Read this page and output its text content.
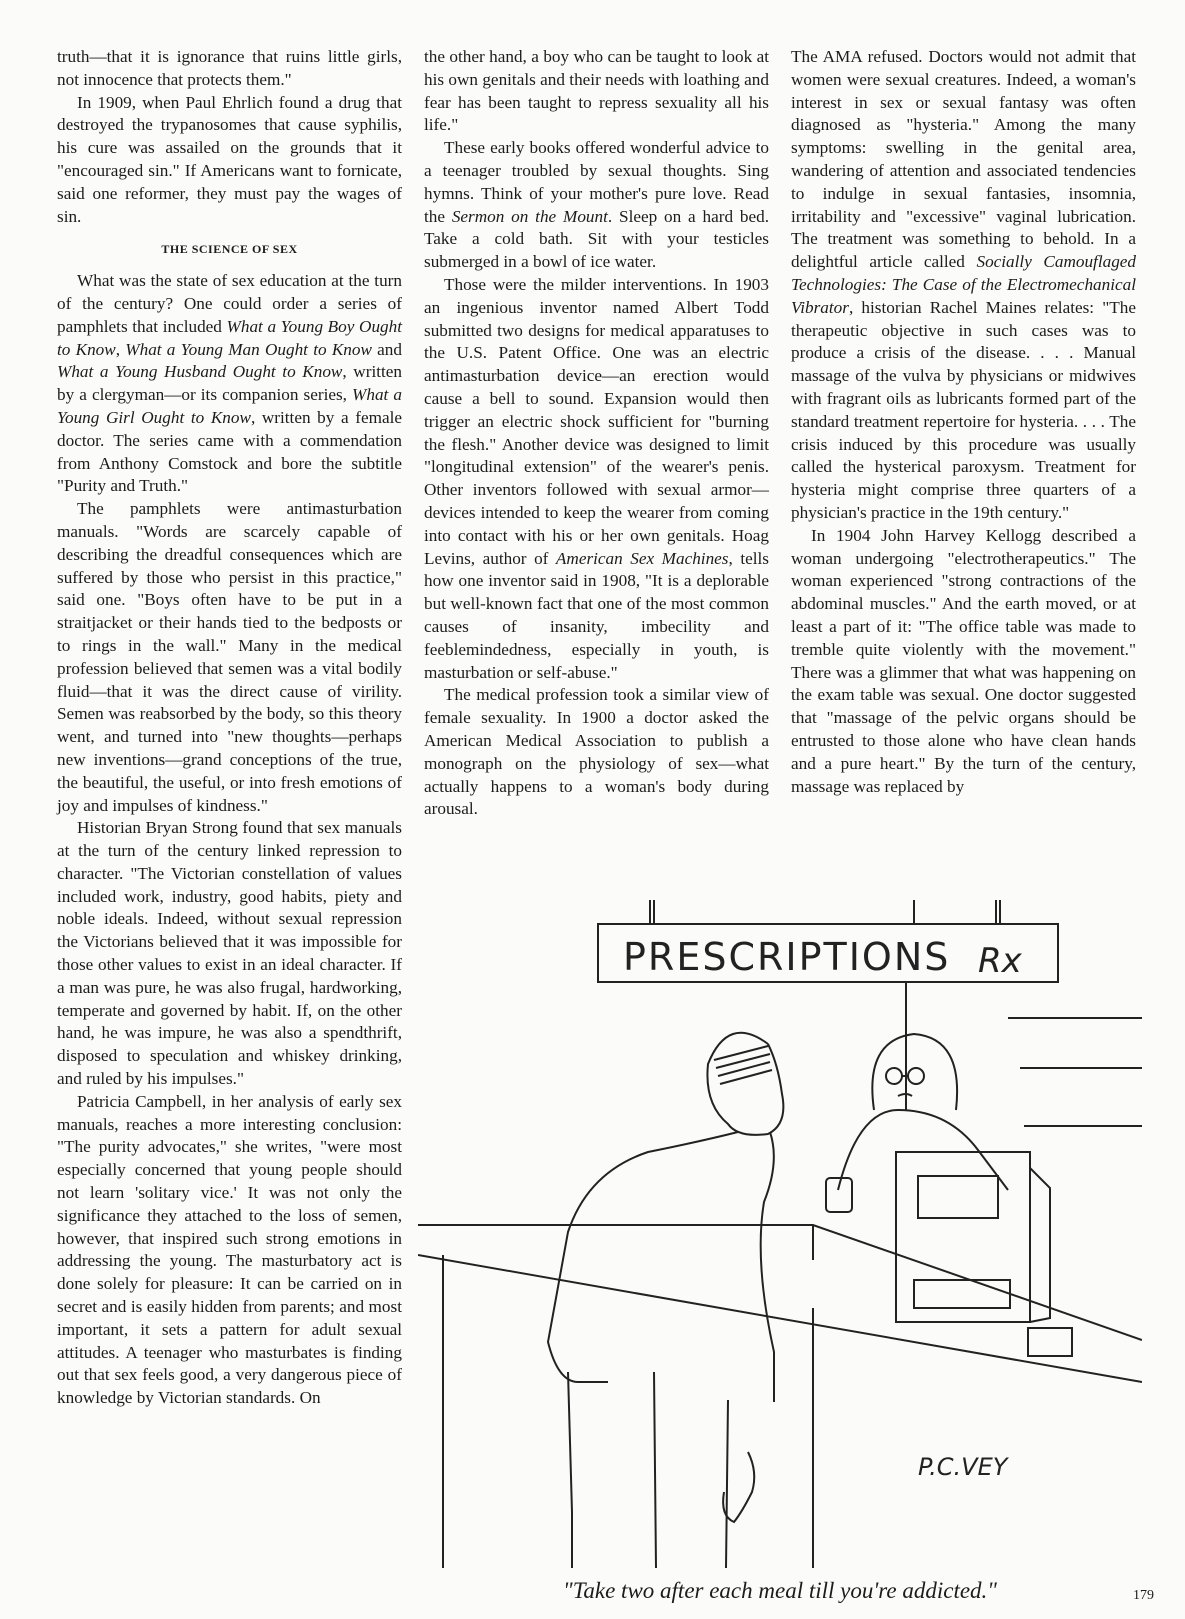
truth—that it is ignorance that ruins little girls, not innocence that protects them."

In 1909, when Paul Ehrlich found a drug that destroyed the trypanosomes that cause syphilis, his cure was assailed on the grounds that it "encouraged sin." If Americans want to fornicate, said one reformer, they must pay the wages of sin.

THE SCIENCE OF SEX

What was the state of sex education at the turn of the century? One could order a series of pamphlets that included What a Young Boy Ought to Know, What a Young Man Ought to Know and What a Young Husband Ought to Know, written by a clergyman—or its companion series, What a Young Girl Ought to Know, written by a female doctor. The series came with a commendation from Anthony Comstock and bore the subtitle "Purity and Truth."

The pamphlets were antimasturbation manuals. "Words are scarcely capable of describing the dreadful consequences which are suffered by those who persist in this practice," said one. "Boys often have to be put in a straitjacket or their hands tied to the bedposts or to rings in the wall." Many in the medical profession believed that semen was a vital bodily fluid—that it was the direct cause of virility. Semen was reabsorbed by the body, so this theory went, and turned into "new thoughts—perhaps new inventions—grand conceptions of the true, the beautiful, the useful, or into fresh emotions of joy and impulses of kindness."

Historian Bryan Strong found that sex manuals at the turn of the century linked repression to character. "The Victorian constellation of values included work, industry, good habits, piety and noble ideals. Indeed, without sexual repression the Victorians believed that it was impossible for those other values to exist in an ideal character. If a man was pure, he was also frugal, hardworking, temperate and governed by habit. If, on the other hand, he was impure, he was also a spendthrift, disposed to speculation and whiskey drinking, and ruled by his impulses."

Patricia Campbell, in her analysis of early sex manuals, reaches a more interesting conclusion: "The purity advocates," she writes, "were most especially concerned that young people should not learn 'solitary vice.' It was not only the significance they attached to the loss of semen, however, that inspired such strong emotions in addressing the young. The masturbatory act is done solely for pleasure: It can be carried on in secret and is easily hidden from parents; and most important, it sets a pattern for adult sexual attitudes. A teenager who masturbates is finding out that sex feels good, a very dangerous piece of knowledge by Victorian standards. On

the other hand, a boy who can be taught to look at his own genitals and their needs with loathing and fear has been taught to repress sexuality all his life."

These early books offered wonderful advice to a teenager troubled by sexual thoughts. Sing hymns. Think of your mother's pure love. Read the Sermon on the Mount. Sleep on a hard bed. Take a cold bath. Sit with your testicles submerged in a bowl of ice water.

Those were the milder interventions. In 1903 an ingenious inventor named Albert Todd submitted two designs for medical apparatuses to the U.S. Patent Office. One was an electric antimasturbation device—an erection would cause a bell to sound. Expansion would then trigger an electric shock sufficient for "burning the flesh." Another device was designed to limit "longitudinal extension" of the wearer's penis. Other inventors followed with sexual armor—devices intended to keep the wearer from coming into contact with his or her own genitals. Hoag Levins, author of American Sex Machines, tells how one inventor said in 1908, "It is a deplorable but well-known fact that one of the most common causes of insanity, imbecility and feeblemindedness, especially in youth, is masturbation or self-abuse."

The medical profession took a similar view of female sexuality. In 1900 a doctor asked the American Medical Association to publish a monograph on the physiology of sex—what actually happens to a woman's body during arousal.

The AMA refused. Doctors would not admit that women were sexual creatures. Indeed, a woman's interest in sex or sexual fantasy was often diagnosed as "hysteria." Among the many symptoms: swelling in the genital area, wandering of attention and associated tendencies to indulge in sexual fantasies, insomnia, irritability and "excessive" vaginal lubrication. The treatment was something to behold. In a delightful article called Socially Camouflaged Technologies: The Case of the Electromechanical Vibrator, historian Rachel Maines relates: "The therapeutic objective in such cases was to produce a crisis of the disease. . . . Manual massage of the vulva by physicians or midwives with fragrant oils as lubricants formed part of the standard treatment repertoire for hysteria. . . . The crisis induced by this procedure was usually called the hysterical paroxysm. Treatment for hysteria might comprise three quarters of a physician's practice in the 19th century."

In 1904 John Harvey Kellogg described a woman undergoing "electrotherapeutics." The woman experienced "strong contractions of the abdominal muscles." And the earth moved, or at least a part of it: "The office table was made to tremble quite violently with the movement." There was a glimmer that what was happening on the exam table was sexual. One doctor suggested that "massage of the pelvic organs should be entrusted to those alone who have clean hands and a pure heart." By the turn of the century, massage was replaced by

PRESCRIPTIONS Rx
P.C.VEY
"Take two after each meal till you're addicted."	179
